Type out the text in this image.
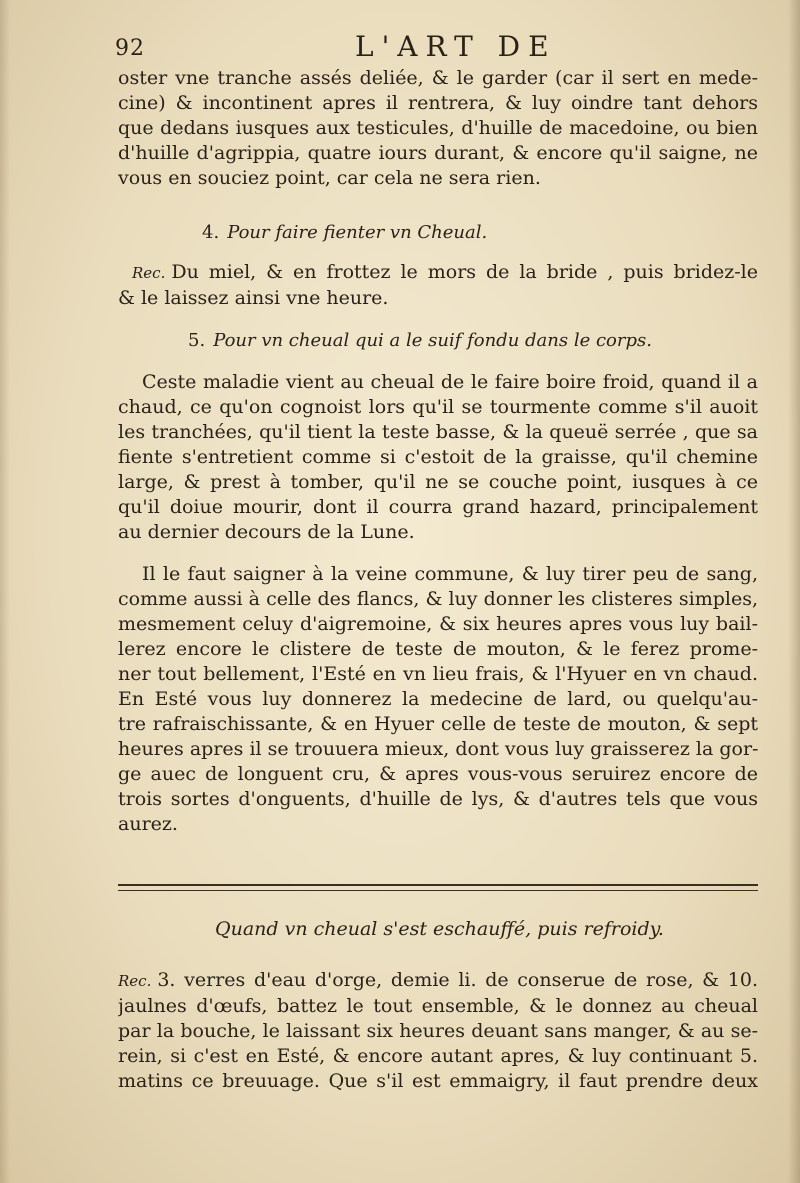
92	L'ART DE
oster vne tranche assés deliée, & le garder (car il sert en mede-
cine) & incontinent apres il rentrera, & luy oindre tant dehors
que dedans iusques aux testicules, d'huille de macedoine, ou bien
d'huille d'agrippia, quatre iours durant, & encore qu'il saigne, ne
vous en souciez point, car cela ne sera rien.
4. Pour faire fienter vn Cheual.
Rec. Du miel, & en frottez le mors de la bride , puis bridez-le
& le laissez ainsi vne heure.
5. Pour vn cheual qui a le suif fondu dans le corps.
Ceste maladie vient au cheual de le faire boire froid, quand il a
chaud, ce qu'on cognoist lors qu'il se tourmente comme s'il auoit
les tranchées, qu'il tient la teste basse, & la queuë serrée , que sa
fiente s'entretient comme si c'estoit de la graisse, qu'il chemine
large, & prest à tomber, qu'il ne se couche point, iusques à ce
qu'il doiue mourir, dont il courra grand hazard, principalement
au dernier decours de la Lune.
Il le faut saigner à la veine commune, & luy tirer peu de sang,
comme aussi à celle des flancs, & luy donner les clisteres simples,
mesmement celuy d'aigremoine, & six heures apres vous luy bail-
lerez encore le clistere de teste de mouton, & le ferez prome-
ner tout bellement, l'Esté en vn lieu frais, & l'Hyuer en vn chaud.
En Esté vous luy donnerez la medecine de lard, ou quelqu'au-
tre rafraischissante, & en Hyuer celle de teste de mouton, & sept
heures apres il se trouuera mieux, dont vous luy graisserez la gor-
ge auec de longuent cru, & apres vous-vous seruirez encore de
trois sortes d'onguents, d'huille de lys, & d'autres tels que vous
aurez.
Quand vn cheual s'est eschauffé, puis refroidy.
Rec. 3. verres d'eau d'orge, demie li. de conserue de rose, & 10.
jaulnes d'œufs, battez le tout ensemble, & le donnez au cheual
par la bouche, le laissant six heures deuant sans manger, & au se-
rein, si c'est en Esté, & encore autant apres, & luy continuant 5.
matins ce breuuage. Que s'il est emmaigry, il faut prendre deux
